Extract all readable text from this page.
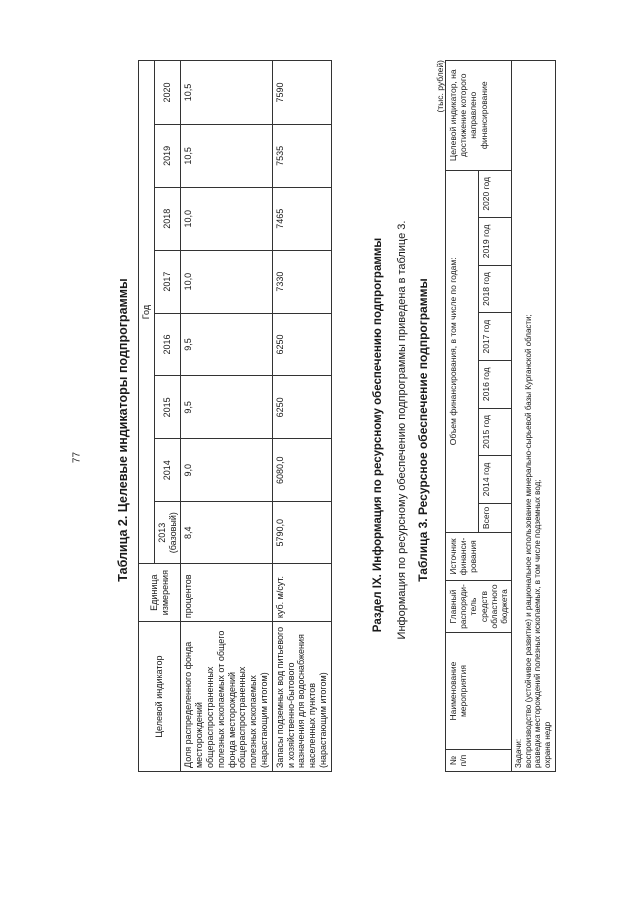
77	Таблица 2. Целевые индикаторы подпрограммы
Целевой индикатор	Единица измерения	Год							
		2013 (базовый)	2014	2015	2016	2017	2018	2019	2020
Доля распределенного фонда месторождений общераспространенных полезных ископаемых от общего фонда месторождений общераспространенных полезных ископаемых (нарастающим итогом)	процентов	8,4	9,0	9,5	9,5	10,0	10,0	10,5	10,5
Запасы подземных вод питьевого и хозяйственно-бытового назначения для водоснабжения населенных пунктов (нарастающим итогом)	куб. м/сут.	5790,0	6080,0	6250	6250	7330	7465	7535	7590
Раздел IX. Информация по ресурсному обеспечению подпрограммы Информация по ресурсному обеспечению подпрограммы приведена в таблице 3. Таблица 3. Ресурсное обеспечение подпрограммы
(тыс. рублей)
№ п/п	Наименование мероприятия	Главный распоряди-тель средств областного бюджета	Источник финанси-рования	Объем финансирования, в том числе по годам:								Целевой индикатор, на достижение которого направлено финансирование
				Всего	2014 год	2015 год	2016 год	2017 год	2018 год	2019 год	2020 год	

Задачи: воспроизводство (устойчивое развитие) и рациональное использование минерально-сырьевой базы Курганской области; разведка месторождений полезных ископаемых, в том числе подземных вод; охрана недр												
